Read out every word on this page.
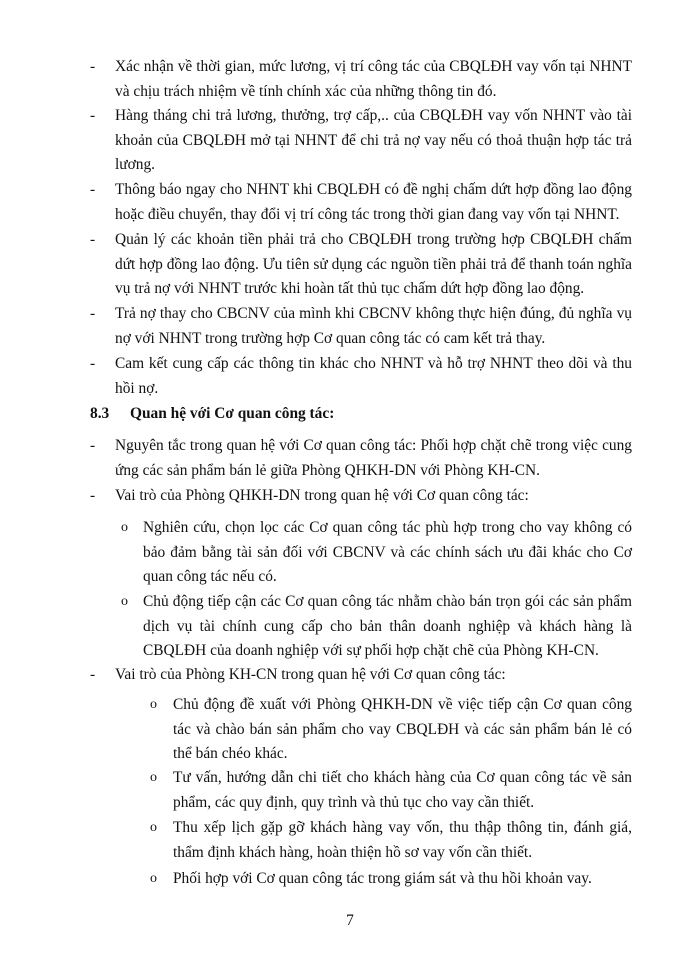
- Xác nhận về thời gian, mức lương, vị trí công tác của CBQLĐH vay vốn tại NHNT và chịu trách nhiệm về tính chính xác của những thông tin đó.
- Hàng tháng chi trả lương, thưởng, trợ cấp,.. của CBQLĐH vay vốn NHNT vào tài khoản của CBQLĐH mở tại NHNT để chi trả nợ vay nếu có thoả thuận hợp tác trả lương.
- Thông báo ngay cho NHNT khi CBQLĐH có đề nghị chấm dứt hợp đồng lao động hoặc điều chuyển, thay đổi vị trí công tác trong thời gian đang vay vốn tại NHNT.
- Quản lý các khoản tiền phải trả cho CBQLĐH trong trường hợp CBQLĐH chấm dứt hợp đồng lao động. Ưu tiên sử dụng các nguồn tiền phải trả để thanh toán nghĩa vụ trả nợ với NHNT trước khi hoàn tất thủ tục chấm dứt hợp đồng lao động.
- Trả nợ thay cho CBCNV của mình khi CBCNV không thực hiện đúng, đủ nghĩa vụ nợ với NHNT trong trường hợp Cơ quan công tác có cam kết trả thay.
- Cam kết cung cấp các thông tin khác cho NHNT và hỗ trợ NHNT theo dõi và thu hồi nợ.
8.3 Quan hệ với Cơ quan công tác:
- Nguyên tắc trong quan hệ với Cơ quan công tác: Phối hợp chặt chẽ trong việc cung ứng các sản phẩm bán lẻ giữa Phòng QHKH-DN với Phòng KH-CN.
- Vai trò của Phòng QHKH-DN trong quan hệ với Cơ quan công tác:
o Nghiên cứu, chọn lọc các Cơ quan công tác phù hợp trong cho vay không có bảo đảm bằng tài sản đối với CBCNV và các chính sách ưu đãi khác cho Cơ quan công tác nếu có.
o Chủ động tiếp cận các Cơ quan công tác nhằm chào bán trọn gói các sản phẩm dịch vụ tài chính cung cấp cho bản thân doanh nghiệp và khách hàng là CBQLĐH của doanh nghiệp với sự phối hợp chặt chẽ của Phòng KH-CN.
- Vai trò của Phòng KH-CN trong quan hệ với Cơ quan công tác:
o Chủ động đề xuất với Phòng QHKH-DN về việc tiếp cận Cơ quan công tác và chào bán sản phẩm cho vay CBQLĐH và các sản phẩm bán lẻ có thể bán chéo khác.
o Tư vấn, hướng dẫn chi tiết cho khách hàng của Cơ quan công tác về sản phẩm, các quy định, quy trình và thủ tục cho vay cần thiết.
o Thu xếp lịch gặp gỡ khách hàng vay vốn, thu thập thông tin, đánh giá, thẩm định khách hàng, hoàn thiện hồ sơ vay vốn cần thiết.
o Phối hợp với Cơ quan công tác trong giám sát và thu hồi khoản vay.
7
